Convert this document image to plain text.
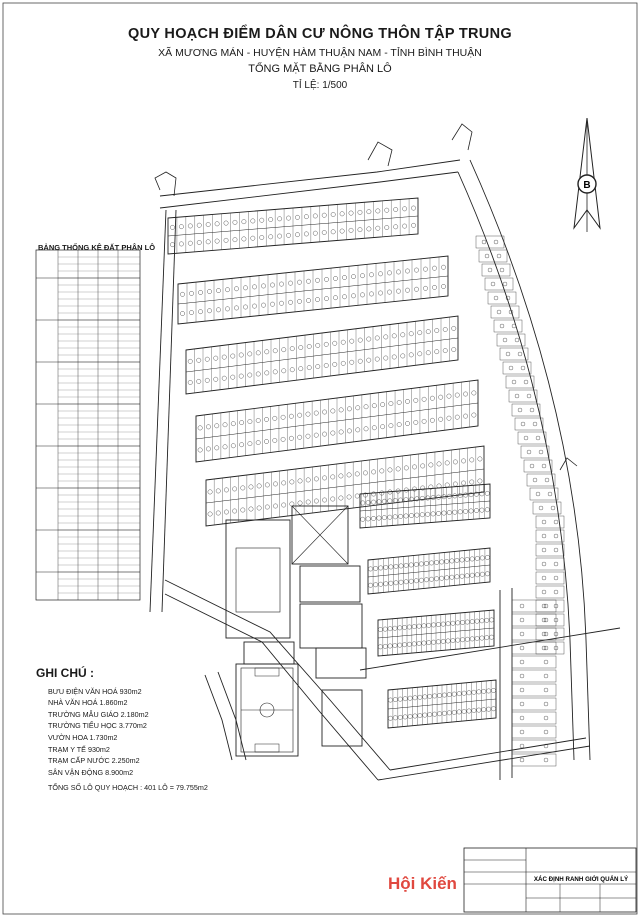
QUY HOẠCH ĐIỂM DÂN CƯ NÔNG THÔN TẬP TRUNG
XÃ MƯƠNG MÁN - HUYỆN HÀM THUẬN NAM - TỈNH BÌNH THUẬN
TỔNG MẶT BẰNG PHÂN LÔ
TỈ LỆ: 1/500
BẢNG THỐNG KÊ ĐẤT PHÂN LÔ
B
XÁC ĐỊNH RANH GIỚI QUẢN LÝ
GHI CHÚ :
BƯU ĐIỆN VĂN HOÁ 930m2
NHÀ VĂN HOÁ 1.860m2
TRƯỜNG MẪU GIÁO 2.180m2
TRƯỜNG TIỂU HỌC 3.770m2
VƯỜN HOA 1.730m2
TRẠM Y TẾ 930m2
TRẠM CẤP NƯỚC 2.250m2
SÂN VẬN ĐỘNG 8.900m2
TỔNG SỐ LÔ QUY HOẠCH : 401 LÔ = 79.755m2
Hội Kiến
